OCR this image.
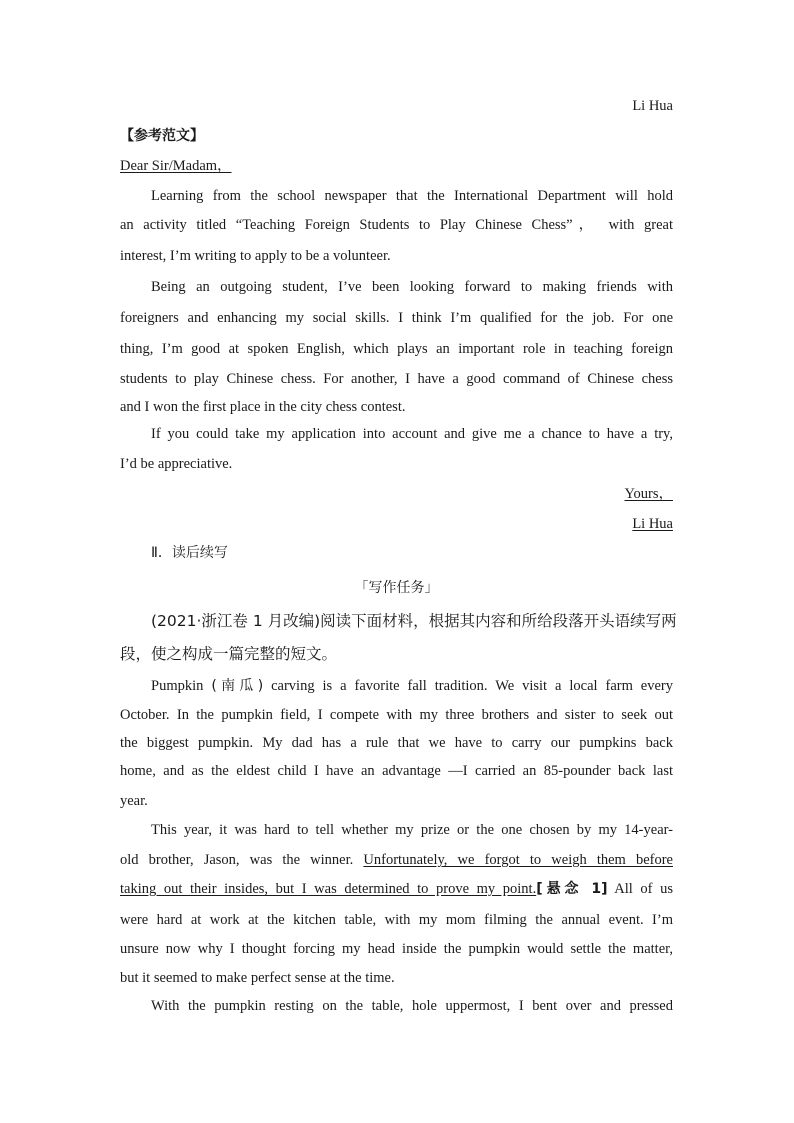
Li Hua
【参考范文】
Dear Sir/Madam，
Learning from the school newspaper that the International Department will hold
an activity titled “Teaching Foreign Students to Play Chinese Chess”， with great
interest, I’m writing to apply to be a volunteer.
Being an outgoing student, I’ve been looking forward to making friends with
foreigners and enhancing my social skills. I think I’m qualified for the job. For one
thing, I’m good at spoken English, which plays an important role in teaching foreign
students to play Chinese chess. For another, I have a good command of Chinese chess
and I won the first place in the city chess contest.
If you could take my application into account and give me a chance to have a try,
I’d be appreciative.
Yours，
Li Hua
Ⅱ．读后续写
「写作任务」
(2021·浙江卷 1 月改编)阅读下面材料，根据其内容和所给段落开头语续写两
段，使之构成一篇完整的短文。
Pumpkin (南瓜) carving is a favorite fall tradition. We visit a local farm every
October. In the pumpkin field, I compete with my three brothers and sister to seek out
the biggest pumpkin. My dad has a rule that we have to carry our pumpkins back
home, and as the eldest child I have an advantage —I carried an 85-pounder back last
year.
This year, it was hard to tell whether my prize or the one chosen by my 14-year-
old brother, Jason, was the winner. Unfortunately, we forgot to weigh them before
taking out their insides, but I was determined to prove my point.[悬念 1] All of us
were hard at work at the kitchen table, with my mom filming the annual event. I’m
unsure now why I thought forcing my head inside the pumpkin would settle the matter,
but it seemed to make perfect sense at the time.
With the pumpkin resting on the table, hole uppermost, I bent over and pressed
